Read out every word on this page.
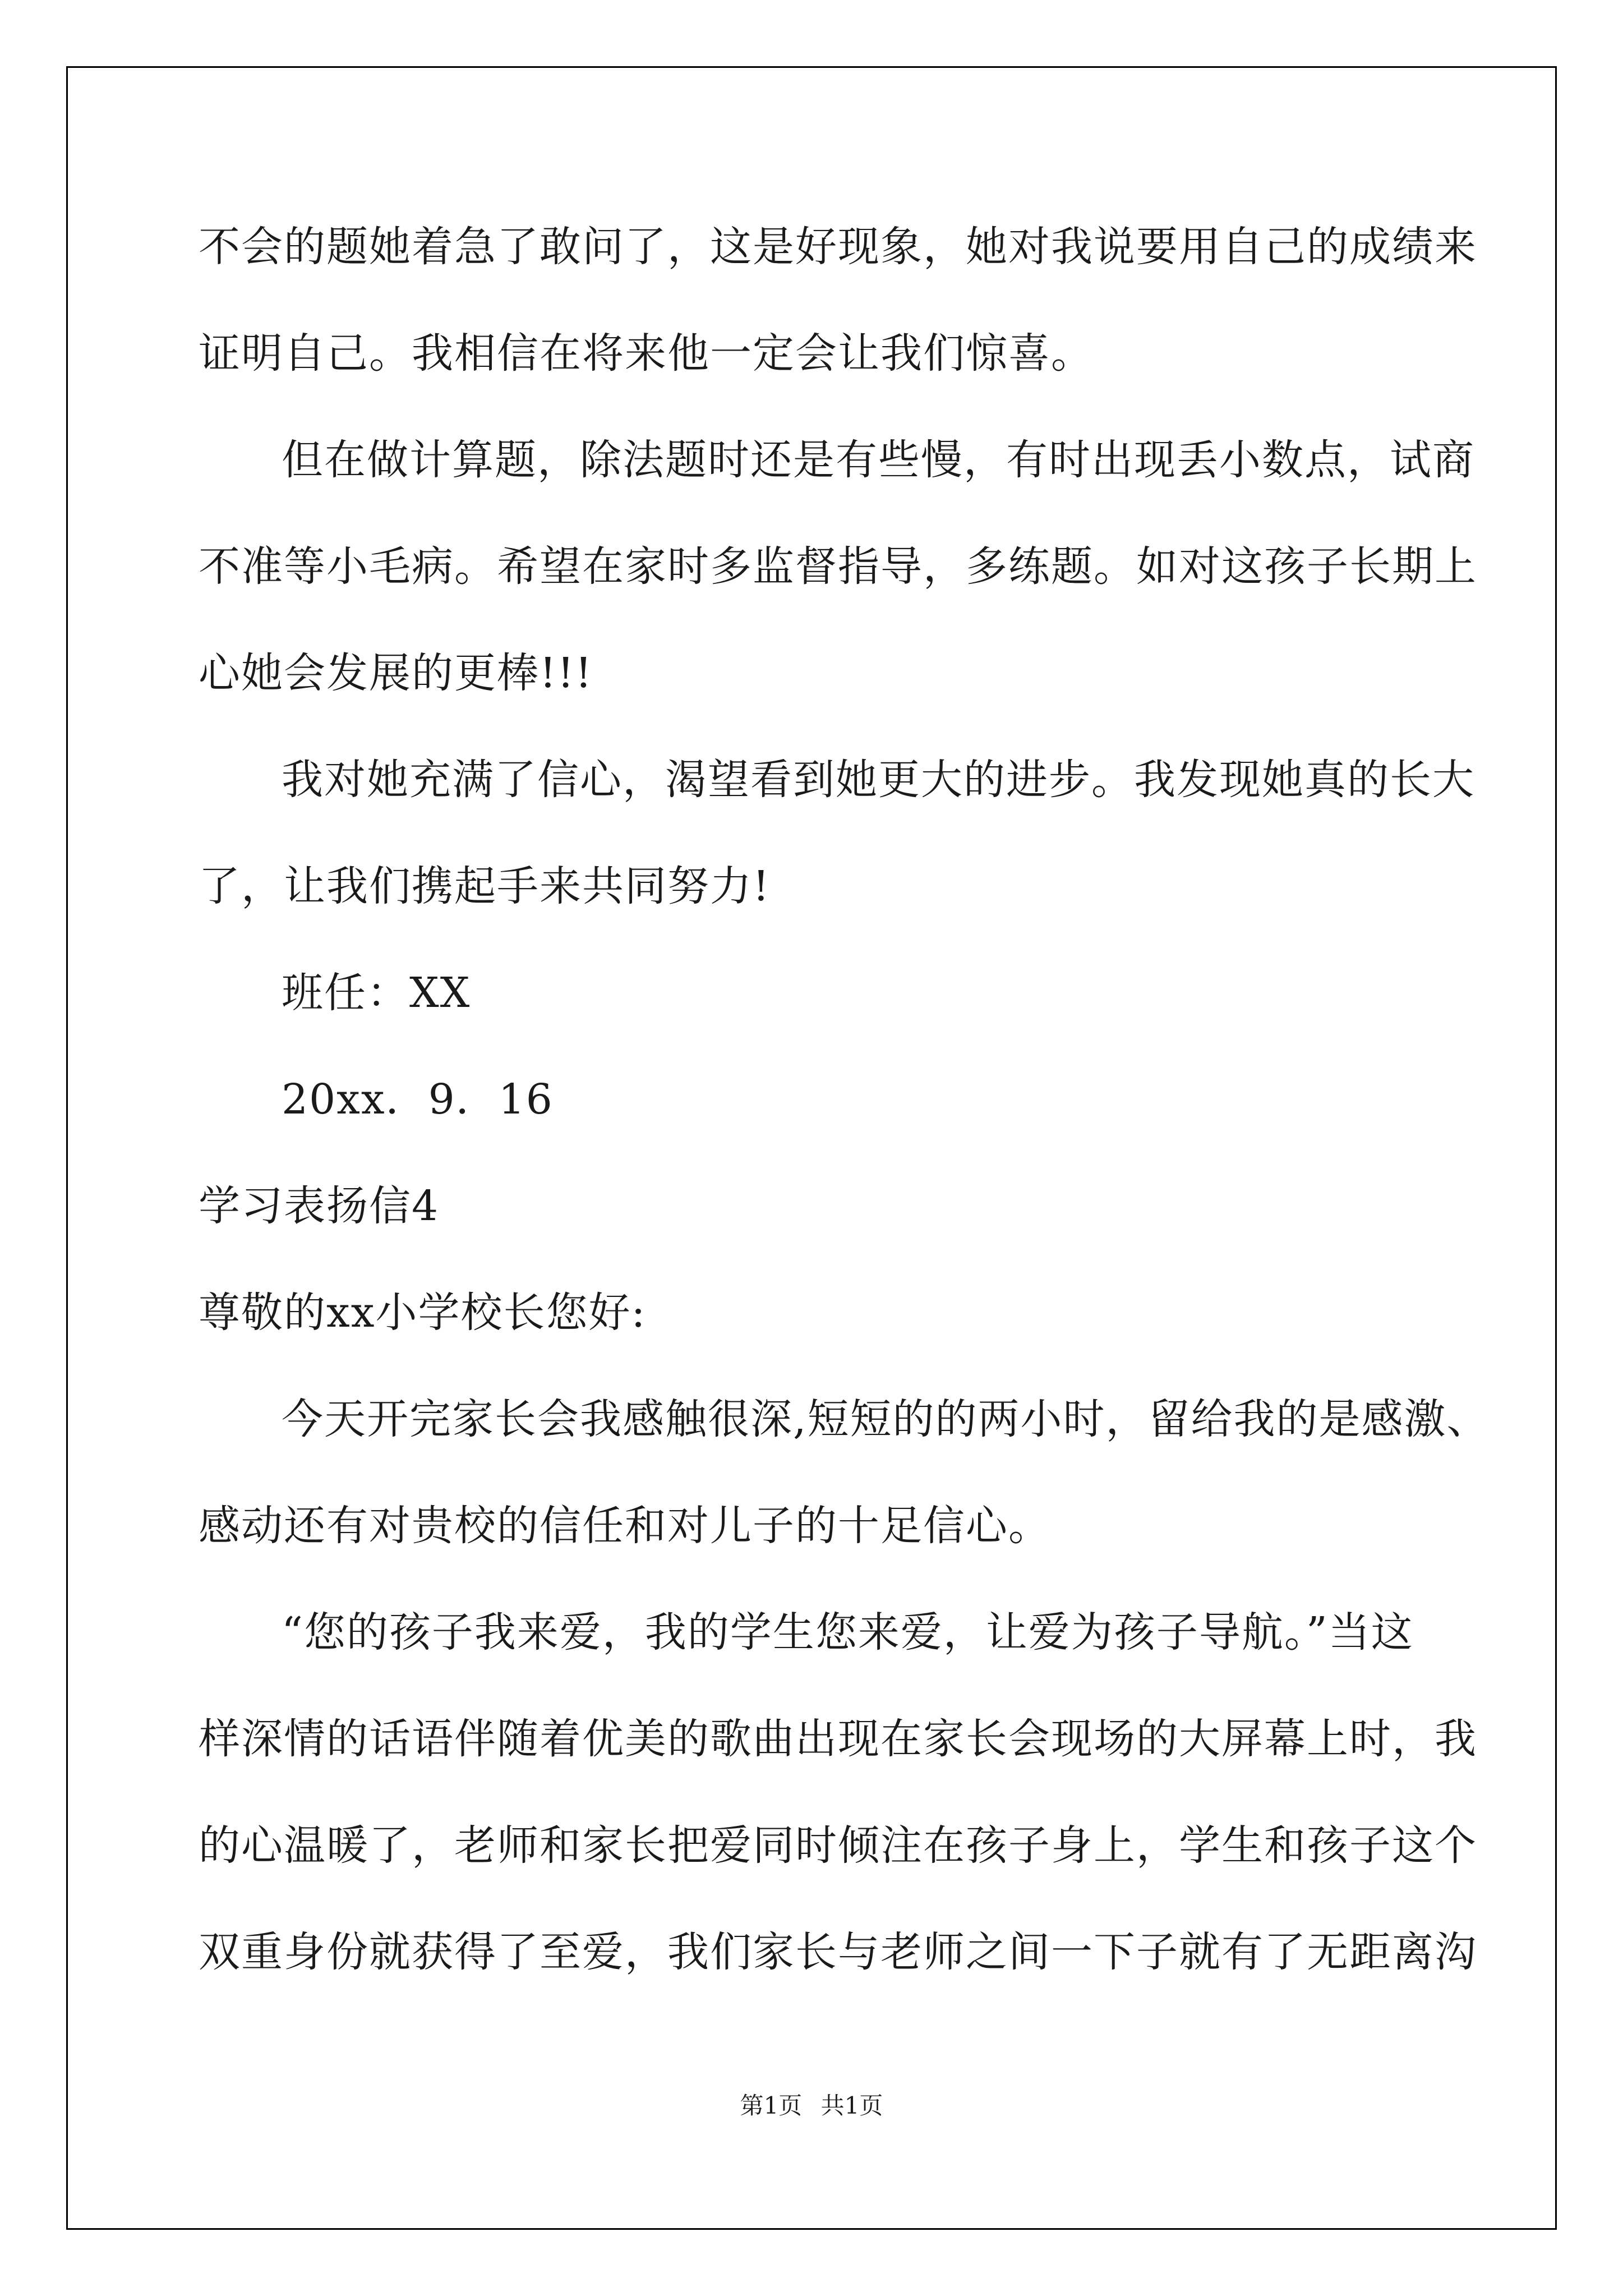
不会的题她着急了敢问了，这是好现象，她对我说要用自己的成绩来
证明自己。我相信在将来他一定会让我们惊喜。
但在做计算题，除法题时还是有些慢，有时出现丢小数点，试商
不准等小毛病。希望在家时多监督指导，多练题。如对这孩子长期上
心她会发展的更棒!!!
我对她充满了信心，渴望看到她更大的进步。我发现她真的长大
了，让我们携起手来共同努力!
班任：XX
20xx．9．16
学习表扬信4
尊敬的xx小学校长您好:
今天开完家长会我感触很深,短短的的两小时，留给我的是感激、
感动还有对贵校的信任和对儿子的十足信心。
“您的孩子我来爱，我的学生您来爱，让爱为孩子导航。”当这
样深情的话语伴随着优美的歌曲出现在家长会现场的大屏幕上时，我
的心温暖了，老师和家长把爱同时倾注在孩子身上，学生和孩子这个
双重身份就获得了至爱，我们家长与老师之间一下子就有了无距离沟
第1页 共1页
